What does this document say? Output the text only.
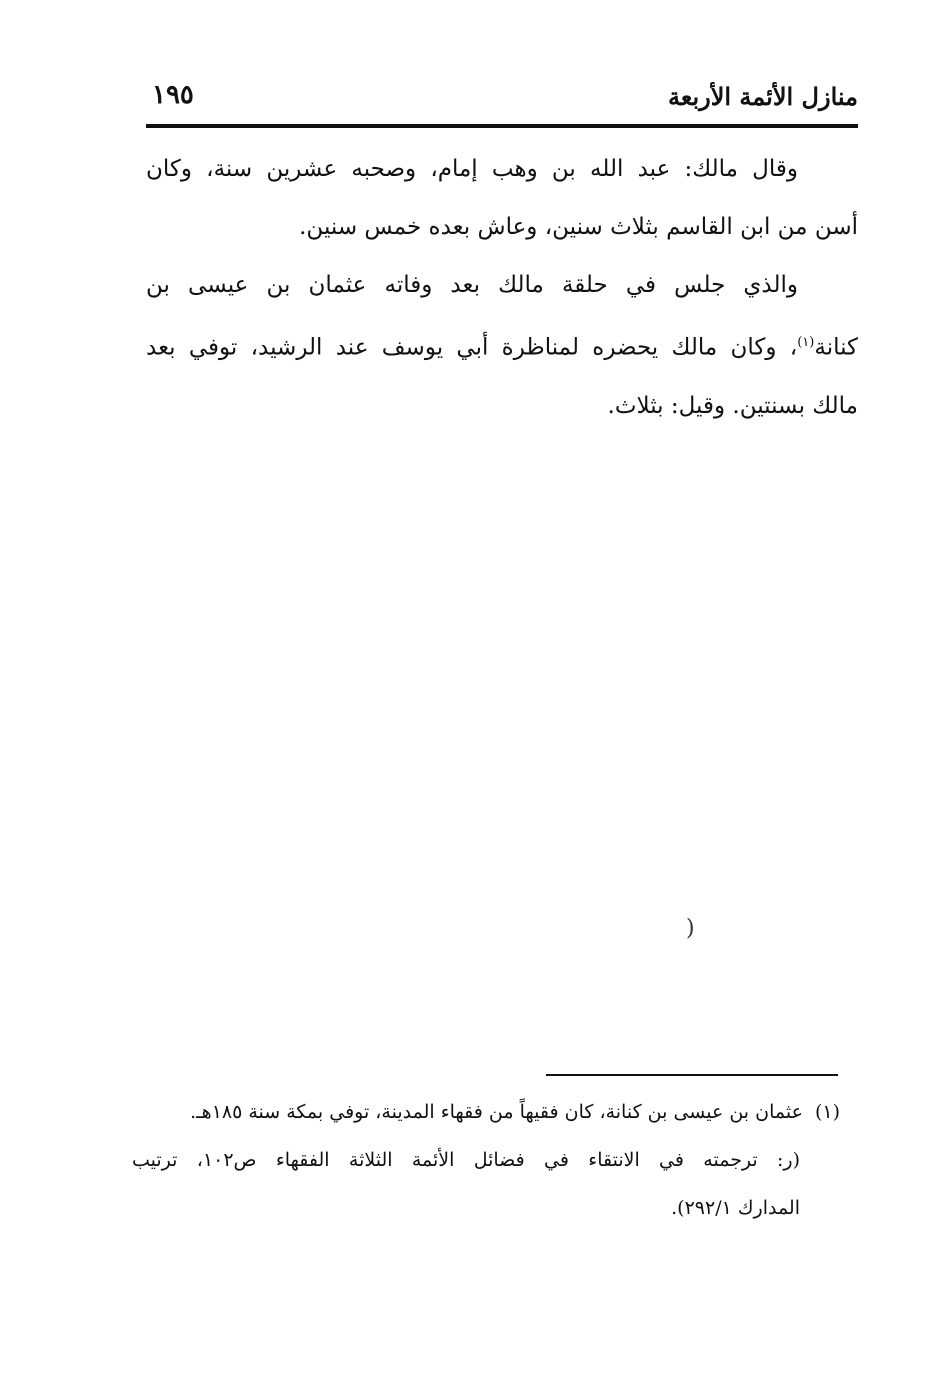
منازل الأئمة الأربعة
١٩٥
وقال مالك: عبد الله بن وهب إمام، وصحبه عشرين سنة، وكان
أسن من ابن القاسم بثلاث سنين، وعاش بعده خمس سنين.
والذي جلس في حلقة مالك بعد وفاته عثمان بن عيسى بن
كنانة$^{(١)}$، وكان مالك يحضره لمناظرة أبي يوسف عند الرشيد، توفي بعد
مالك بسنتين. وقيل: بثلاث.
)
(١)عثمان بن عيسى بن كنانة، كان فقيهاً من فقهاء المدينة، توفي بمكة سنة ١٨٥هـ.
(ر: ترجمته في الانتقاء في فضائل الأئمة الثلاثة الفقهاء ص١٠٢، ترتيب
المدارك ٢٩٢/١).
